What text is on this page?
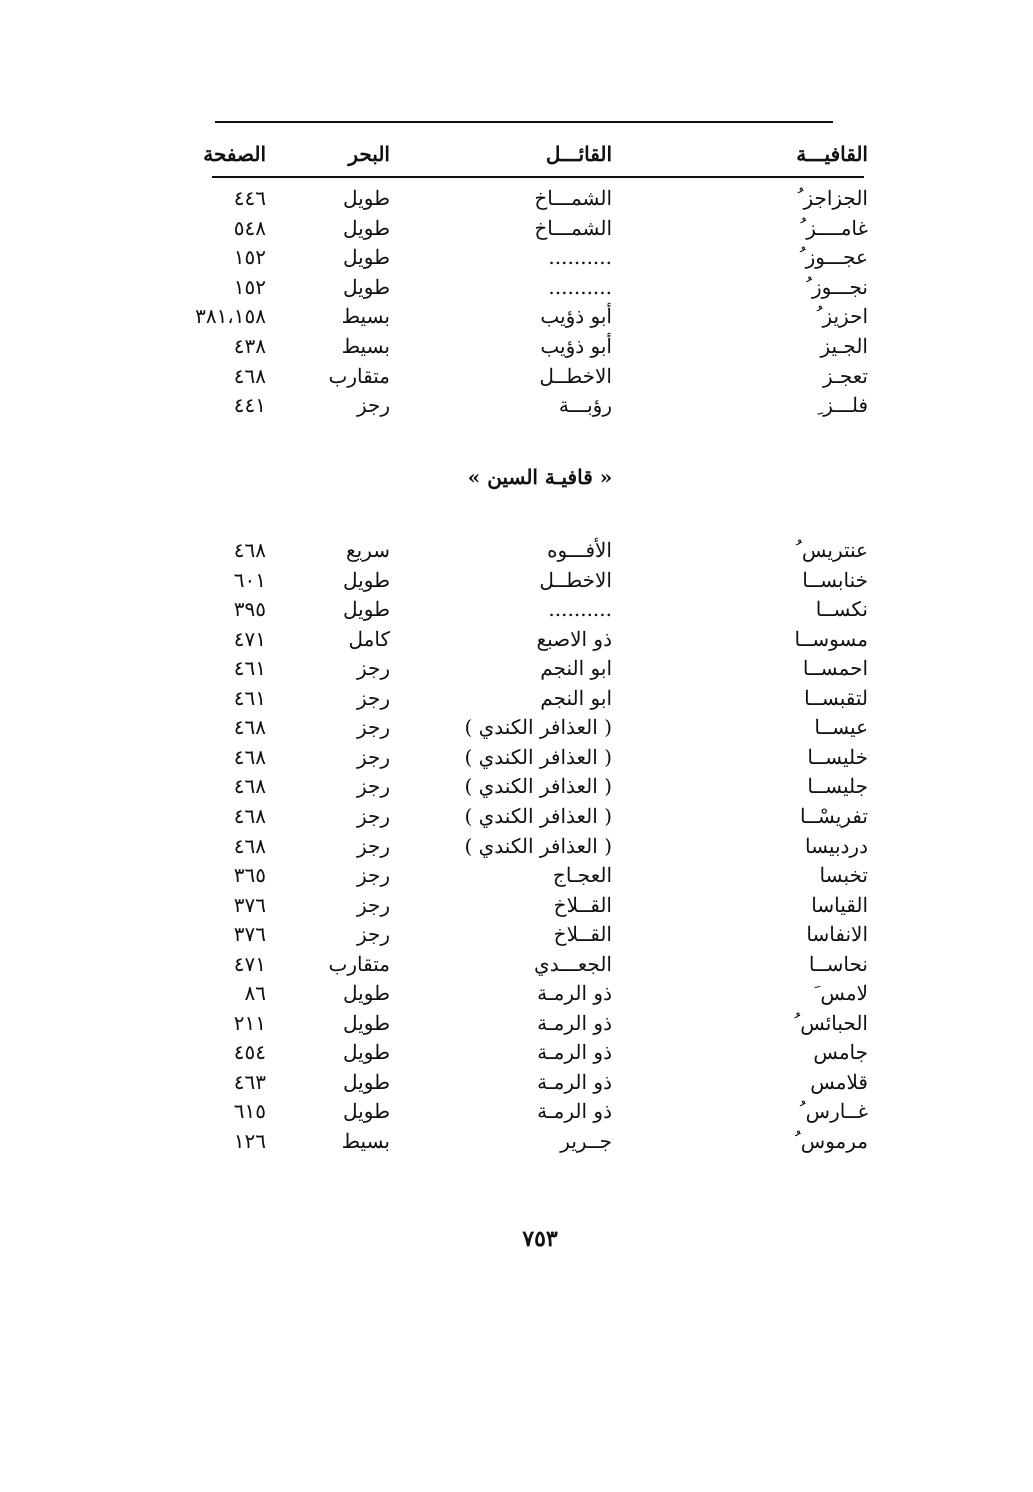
القافيـــة
القائـــل
البحر
الصفحة
الجزاجز ُ
الشمـــاخ
طويل
٤٤٦
غامــــز ُ
الشمـــاخ
طويل
٥٤٨
عجـــوز ُ
..........
طويل
١٥٢
نجـــوز ُ
..........
طويل
١٥٢
احزيز ُ
أبو ذؤيب
بسيط
٣٨١،١٥٨
الجـيز
أبو ذؤيب
بسيط
٤٣٨
تعجـز
الاخطــل
متقارب
٤٦٨
فلـــز ِ
رؤبـــة
رجز
٤٤١
« قافيـة السين »
عنتريس ُ
الأفـــوه
سريع
٤٦٨
خنابســا
الاخطــل
طويل
٦٠١
نكســا
..........
طويل
٣٩٥
مسوســا
ذو الاصبع
كامل
٤٧١
احمســا
ابو النجم
رجز
٤٦١
لتقبســا
ابو النجم
رجز
٤٦١
عيســا
( العذافر الكندي )
رجز
٤٦٨
خليســا
( العذافر الكندي )
رجز
٤٦٨
جليســا
( العذافر الكندي )
رجز
٤٦٨
تفريسْــا
( العذافر الكندي )
رجز
٤٦٨
دردبيسا
( العذافر الكندي )
رجز
٤٦٨
تخبسا
العجـاج
رجز
٣٦٥
القياسا
القــلاخ
رجز
٣٧٦
الانفاسا
القــلاخ
رجز
٣٧٦
نحاســا
الجعـــدي
متقارب
٤٧١
لامس َ
ذو الرمـة
طويل
٨٦
الحبائس ُ
ذو الرمـة
طويل
٢١١
جامس
ذو الرمـة
طويل
٤٥٤
قلامس
ذو الرمـة
طويل
٤٦٣
غــارس ُ
ذو الرمـة
طويل
٦١٥
مرموس ُ
جــرير
بسيط
١٢٦
٧٥٣
